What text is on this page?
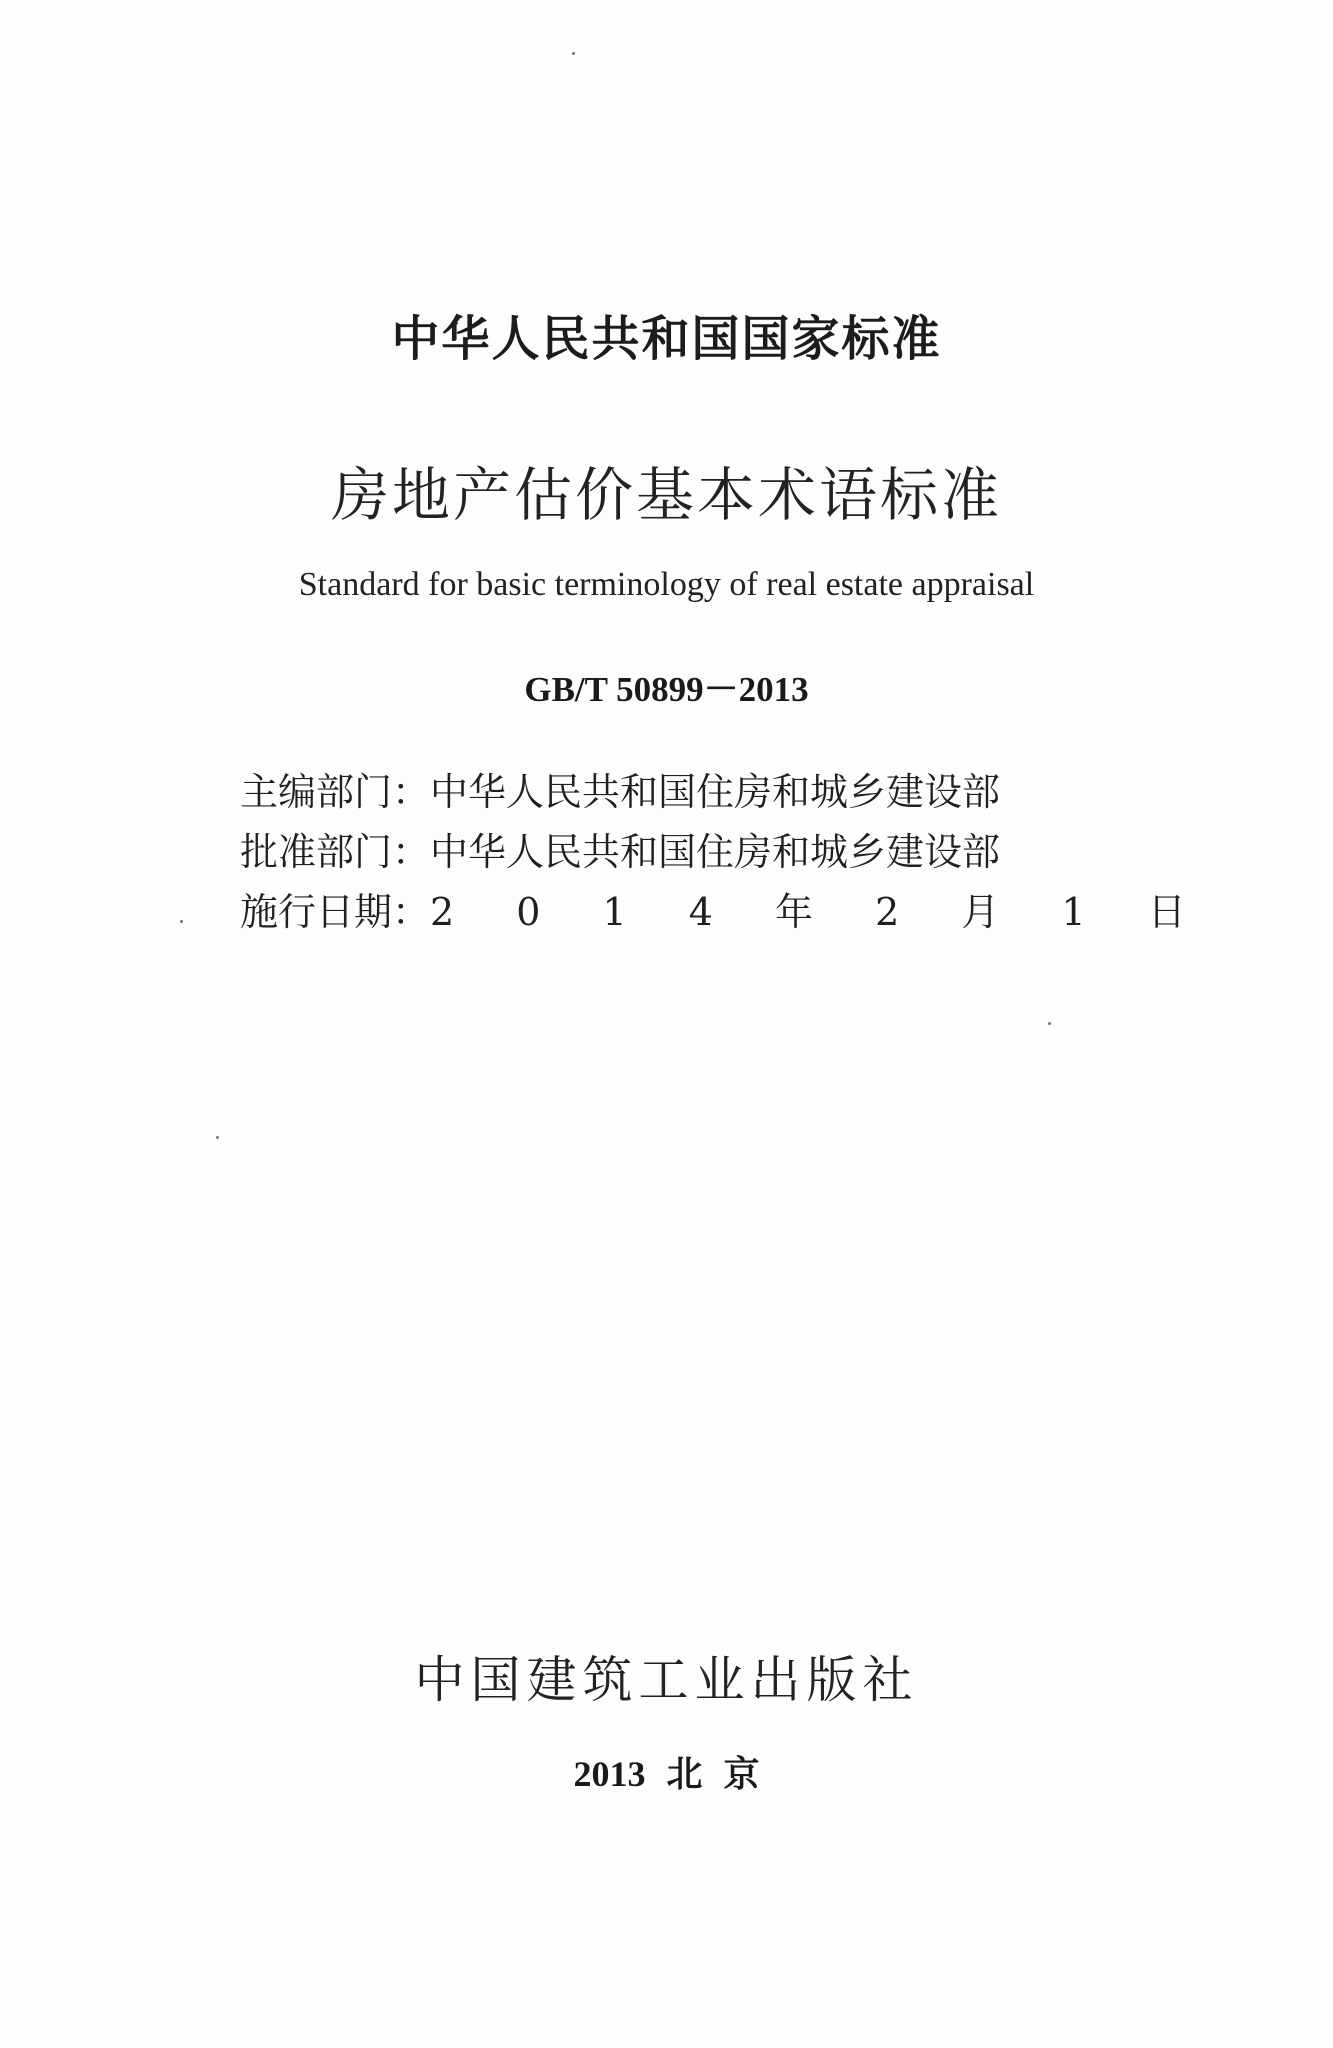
中华人民共和国国家标准
房地产估价基本术语标准
Standard for basic terminology of real estate appraisal
GB/T 50899－2013
主编部门： 中华人民共和国住房和城乡建设部
批准部门： 中华人民共和国住房和城乡建设部
施行日期： 2 0 1 4 年 2 月 1 日
中国建筑工业出版社
2013 北 京
